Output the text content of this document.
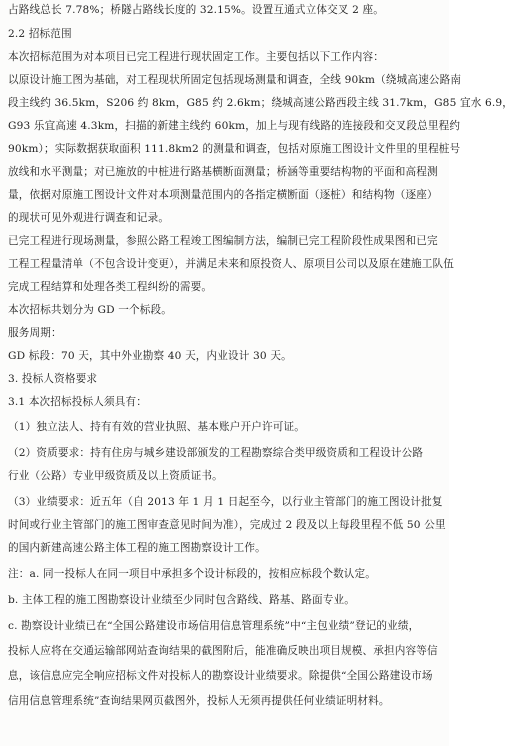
占路线总长 7.78%；桥隧占路线长度的 32.15%。设置互通式立体交叉 2 座。
2.2 招标范围
本次招标范围为对本项目已完工程进行现状固定工作。主要包括以下工作内容：
以原设计施工图为基础，对工程现状所固定包括现场测量和调查，全线 90km（绕城高速公路南
段主线约 36.5km，S206 约 8km，G85 约 2.6km；绕城高速公路西段主线 31.7km，G85 宜水 6.9，
G93 乐宜高速 4.3km，扫描的新建主线约 60km，加上与现有线路的连接段和交叉段总里程约
90km）；实际数据获取面积 111.8km2 的测量和调查，包括对原施工图设计文件里的里程桩号
放线和水平测量；对已施放的中桩进行路基横断面测量；桥涵等重要结构物的平面和高程测
量，依据对原施工图设计文件对本项测量范围内的各指定横断面（逐桩）和结构物（逐座）
的现状可见外观进行调查和记录。
已完工程进行现场测量，参照公路工程竣工图编制方法，编制已完工程阶段性成果图和已完
工程工程量清单（不包含设计变更），并满足未来和原投资人、原项目公司以及原在建施工队伍
完成工程结算和处理各类工程纠纷的需要。
本次招标共划分为 GD 一个标段。
服务周期：
GD 标段：70 天，其中外业勘察 40 天，内业设计 30 天。
3. 投标人资格要求
3.1 本次招标投标人须具有：
（1）独立法人、持有有效的营业执照、基本账户开户许可证。
（2）资质要求：持有住房与城乡建设部颁发的工程勘察综合类甲级资质和工程设计公路
行业（公路）专业甲级资质及以上资质证书。
（3）业绩要求：近五年（自 2013 年 1 月 1 日起至今，以行业主管部门的施工图设计批复
时间或行业主管部门的施工图审查意见时间为准），完成过 2 段及以上每段里程不低 50 公里
的国内新建高速公路主体工程的施工图勘察设计工作。
注：a. 同一投标人在同一项目中承担多个设计标段的，按相应标段个数认定。
b. 主体工程的施工图勘察设计业绩至少同时包含路线、路基、路面专业。
c. 勘察设计业绩已在“全国公路建设市场信用信息管理系统”中“主包业绩”登记的业绩，
投标人应将在交通运输部网站查询结果的截图附后，能准确反映出项目规模、承担内容等信
息，该信息应完全响应招标文件对投标人的勘察设计业绩要求。除提供“全国公路建设市场
信用信息管理系统”查询结果网页截图外，投标人无须再提供任何业绩证明材料。
